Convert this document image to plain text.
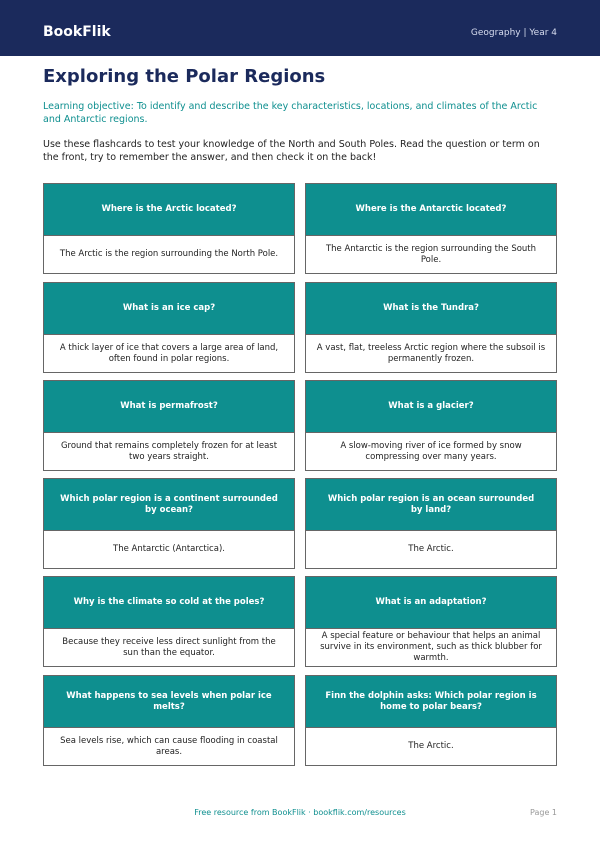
BookFlik	Geography | Year 4
Exploring the Polar Regions
Learning objective: To identify and describe the key characteristics, locations, and climates of the Arctic and Antarctic regions.
Use these flashcards to test your knowledge of the North and South Poles. Read the question or term on the front, try to remember the answer, and then check it on the back!
Where is the Arctic located?
The Arctic is the region surrounding the North Pole.
Where is the Antarctic located?
The Antarctic is the region surrounding the South Pole.
What is an ice cap?
A thick layer of ice that covers a large area of land, often found in polar regions.
What is the Tundra?
A vast, flat, treeless Arctic region where the subsoil is permanently frozen.
What is permafrost?
Ground that remains completely frozen for at least two years straight.
What is a glacier?
A slow-moving river of ice formed by snow compressing over many years.
Which polar region is a continent surrounded by ocean?
The Antarctic (Antarctica).
Which polar region is an ocean surrounded by land?
The Arctic.
Why is the climate so cold at the poles?
Because they receive less direct sunlight from the sun than the equator.
What is an adaptation?
A special feature or behaviour that helps an animal survive in its environment, such as thick blubber for warmth.
What happens to sea levels when polar ice melts?
Sea levels rise, which can cause flooding in coastal areas.
Finn the dolphin asks: Which polar region is home to polar bears?
The Arctic.
Free resource from BookFlik · bookflik.com/resources	Page 1
